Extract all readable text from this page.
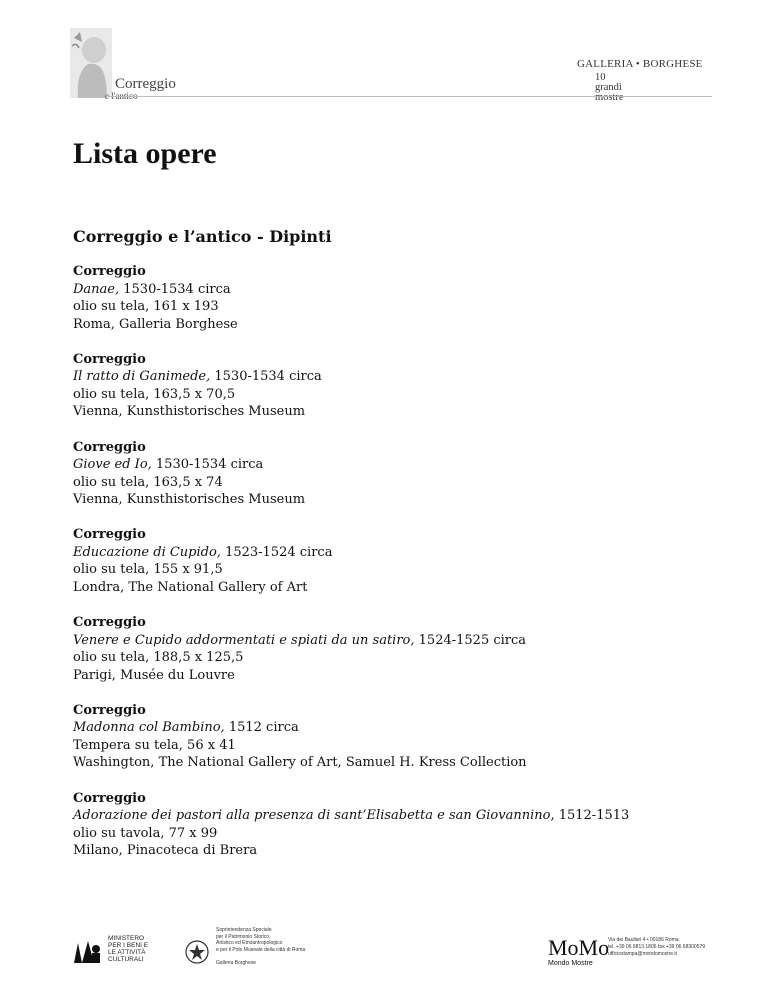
Correggio
e l'antico
GALLERIA • BORGHESE
10
grandi
mostre
Lista opere
Correggio e l’antico - Dipinti
Correggio
Danae, 1530-1534 circa
olio su tela, 161 x 193
Roma, Galleria Borghese
Correggio
Il ratto di Ganimede, 1530-1534 circa
olio su tela, 163,5 x 70,5
Vienna, Kunsthistorisches Museum
Correggio
Giove ed Io, 1530-1534 circa
olio su tela, 163,5 x 74
Vienna, Kunsthistorisches Museum
Correggio
Educazione di Cupido, 1523-1524 circa
olio su tela, 155 x 91,5
Londra, The National Gallery of Art
Correggio
Venere e Cupido addormentati e spiati da un satiro, 1524-1525 circa
olio su tela, 188,5 x 125,5
Parigi, Musée du Louvre
Correggio
Madonna col Bambino, 1512 circa
Tempera su tela, 56 x 41
Washington, The National Gallery of Art, Samuel H. Kress Collection
Correggio
Adorazione dei pastori alla presenza di sant’Elisabetta e san Giovannino, 1512-1513
olio su tavola, 77 x 99
Milano, Pinacoteca di Brera
MINISTERO
PER I BENI E
LE ATTIVITÀ
CULTURALI
Soprintendenza Speciale
per il Patrimonio Storico,
Artistico ed Etnoantropologico
e per il Polo Museale della città di Roma
Galleria Borghese
MoMo
Mondo Mostre
Via dei Baullari 4 • 00186 Roma
tel. +39 06 6813 1806 fax +39 06 68300579
ufficiostampa@mondomostre.it
